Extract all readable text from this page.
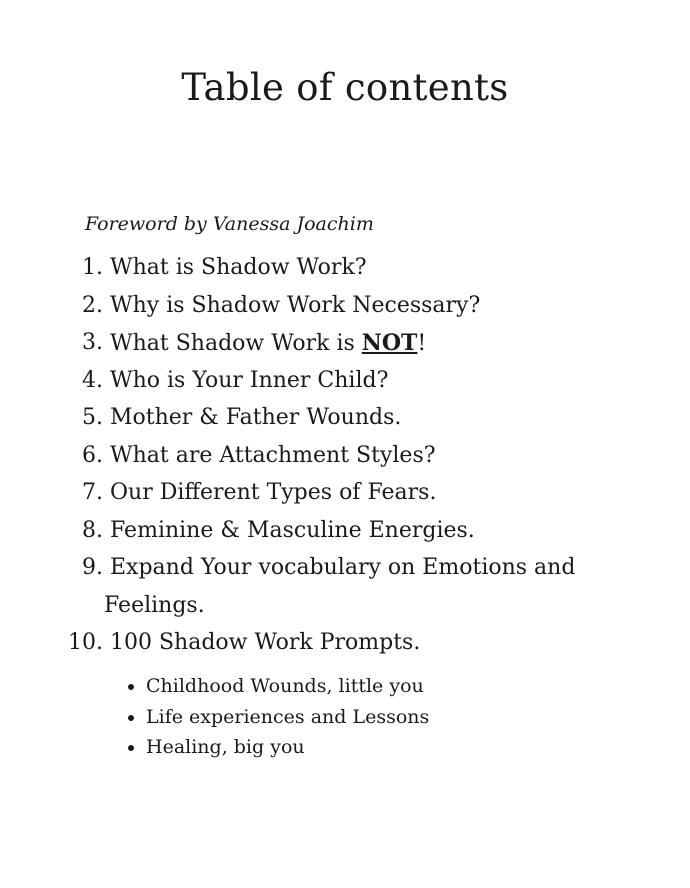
Table of contents
Foreword by Vanessa Joachim
1. What is Shadow Work?
2. Why is Shadow Work Necessary?
3. What Shadow Work is NOT!
4. Who is Your Inner Child?
5. Mother & Father Wounds.
6. What are Attachment Styles?
7. Our Different Types of Fears.
8. Feminine & Masculine Energies.
9. Expand Your vocabulary on Emotions and
Feelings.
10. 100 Shadow Work Prompts.
Childhood Wounds, little you
Life experiences and Lessons
Healing, big you
